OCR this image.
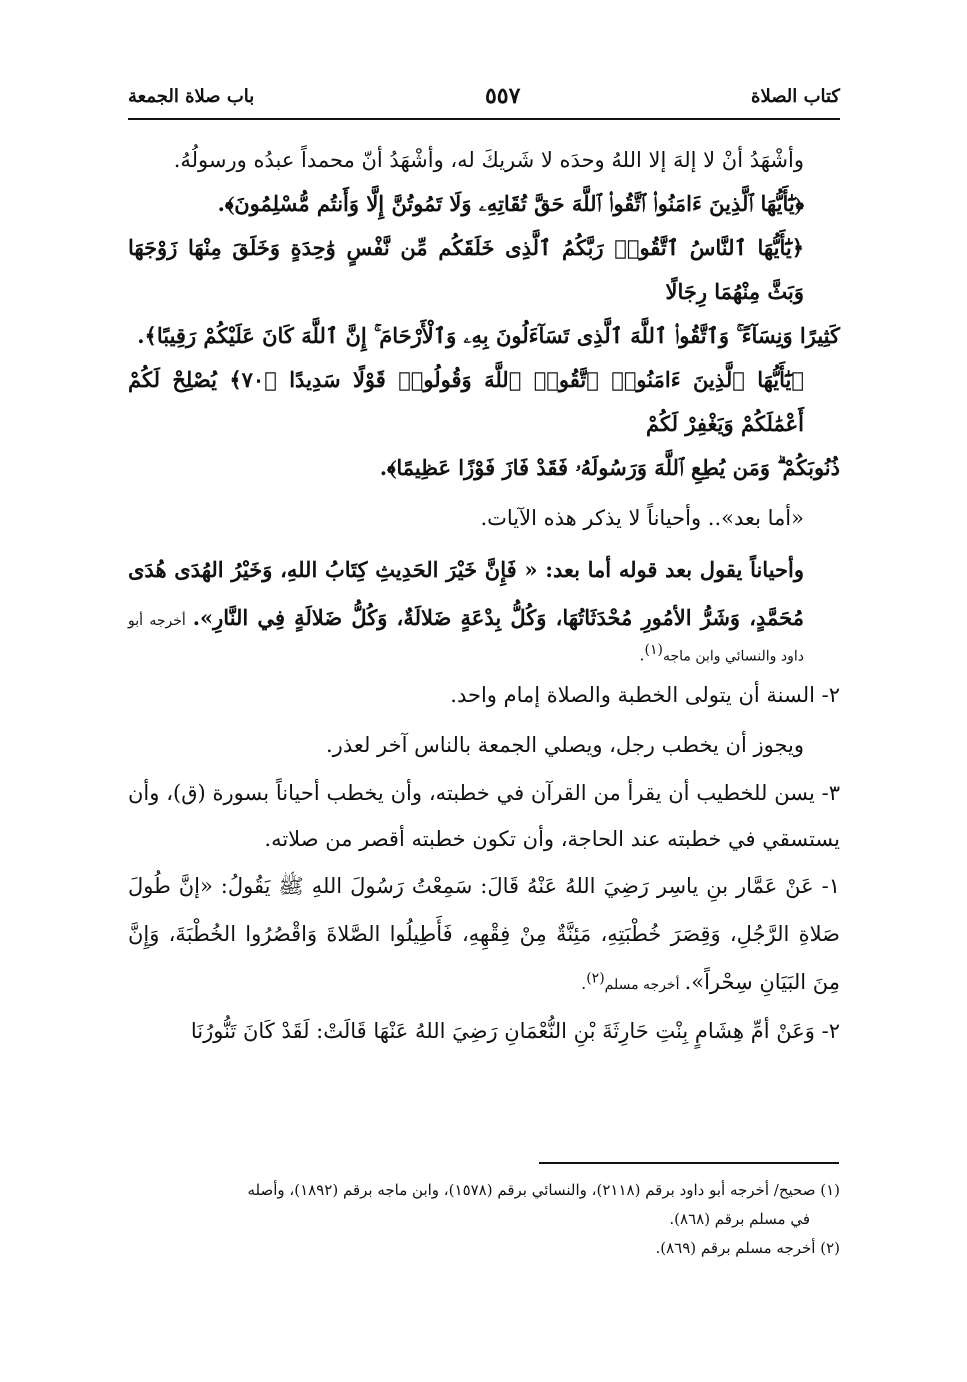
كتاب الصلاة
٥٥٧
باب صلاة الجمعة
وأشْهَدُ أنْ لا إلهَ إلا اللهُ وحدَه لا شَريكَ له، وأشْهَدُ أنّ محمداً عبدُه ورسولُهُ.
﴿يَٰٓأَيُّهَا ٱلَّذِينَ ءَامَنُوا۟ ٱتَّقُوا۟ ٱللَّهَ حَقَّ تُقَاتِهِۦ وَلَا تَمُوتُنَّ إِلَّا وَأَنتُم مُّسْلِمُونَ﴾.
﴿يَٰٓأَيُّهَا ٱلنَّاسُ ٱتَّقُوا۟ رَبَّكُمُ ٱلَّذِى خَلَقَكُم مِّن نَّفْسٍ وَٰحِدَةٍ وَخَلَقَ مِنْهَا زَوْجَهَا وَبَثَّ مِنْهُمَا رِجَالًا
كَثِيرًا وَنِسَآءً ۚ وَٱتَّقُوا۟ ٱللَّهَ ٱلَّذِى تَسَآءَلُونَ بِهِۦ وَٱلْأَرْحَامَ ۚ إِنَّ ٱللَّهَ كَانَ عَلَيْكُمْ رَقِيبًا﴾.
﴿يَٰٓأَيُّهَا ٱلَّذِينَ ءَامَنُوا۟ ٱتَّقُوا۟ ٱللَّهَ وَقُولُوا۟ قَوْلًا سَدِيدًا ﴿٧٠﴾ يُصْلِحْ لَكُمْ أَعْمَٰلَكُمْ وَيَغْفِرْ لَكُمْ
ذُنُوبَكُمْ ۗ وَمَن يُطِعِ ٱللَّهَ وَرَسُولَهُۥ فَقَدْ فَازَ فَوْزًا عَظِيمًا﴾.
«أما بعد».. وأحياناً لا يذكر هذه الآيات.
وأحياناً يقول بعد قوله أما بعد: « فَإِنَّ خَيْرَ الحَدِيثِ كِتَابُ اللهِ، وَخَيْرُ الهُدَى هُدَى مُحَمَّدٍ، وَشَرُّ الأمُورِ مُحْدَثَاتُهَا، وَكُلُّ بِدْعَةٍ ضَلالَةٌ، وَكُلُّ ضَلالَةٍ فِي النَّارِ». أخرجه أبو داود والنسائي وابن ماجه$^{(١)}$.
٢- السنة أن يتولى الخطبة والصلاة إمام واحد.
ويجوز أن يخطب رجل، ويصلي الجمعة بالناس آخر لعذر.
٣- يسن للخطيب أن يقرأ من القرآن في خطبته، وأن يخطب أحياناً بسورة (ق)، وأن يستسقي في خطبته عند الحاجة، وأن تكون خطبته أقصر من صلاته.
١- عَنْ عَمَّار بنِ ياسِر رَضِيَ اللهُ عَنْهُ قَالَ: سَمِعْتُ رَسُولَ اللهِ ﷺ يَقُولُ: «إنَّ طُولَ صَلاةِ الرَّجُلِ، وَقِصَرَ خُطْبَتِهِ، مَئِنَّةٌ مِنْ فِقْهِهِ، فَأَطِيلُوا الصَّلاةَ وَاقْصُرُوا الخُطْبَةَ، وَإِنَّ مِنَ البَيَانِ سِحْراً». أخرجه مسلم$^{(٢)}$.
٢- وَعَنْ أمِّ هِشَامٍ بِنْتِ حَارِثَةَ بْنِ النُّعْمَانِ رَضِيَ اللهُ عَنْهَا قَالَتْ: لَقَدْ كَانَ تَنُّورُنَا
(١) صحيح/ أخرجه أبو داود برقم (٢١١٨)، والنسائي برقم (١٥٧٨)، وابن ماجه برقم (١٨٩٢)، وأصله
في مسلم برقم (٨٦٨).
(٢) أخرجه مسلم برقم (٨٦٩).
